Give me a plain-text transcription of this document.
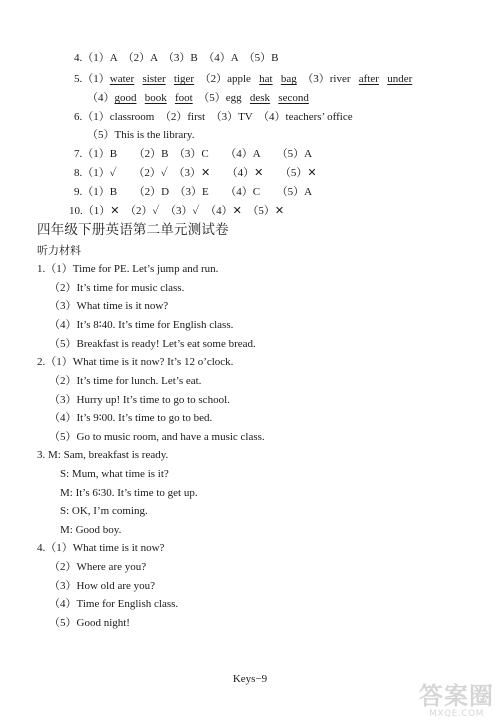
4.（1）A　（2）A　（3）B　（4）A　（5）B
5.（1）water sister tiger （2）apple hat bag （3）river after under
（4）good book foot （5）egg desk second
6.（1）classroom　（2）first　（3）TV　（4）teachers’ office
（5）This is the library.
7.（1）B　　（2）B　（3）C　　（4）A　　（5）A
8.（1）✓　　（2）✓　（3）✕　　（4）✕　　（5）✕
9.（1）B　　（2）D　（3）E　　（4）C　　（5）A
10.（1）✕　（2）✓　（3）✓　（4）✕　（5）✕
四年级下册英语第二单元测试卷
听力材料
1.（1）Time for PE. Let’s jump and run.
（2）It’s time for music class.
（3）What time is it now?
（4）It’s 8∶40. It’s time for English class.
（5）Breakfast is ready! Let’s eat some bread.
2.（1）What time is it now? It’s 12 o’clock.
（2）It’s time for lunch. Let’s eat.
（3）Hurry up! It’s time to go to school.
（4）It’s 9∶00. It’s time to go to bed.
（5）Go to music room, and have a music class.
3. M: Sam, breakfast is ready.
S: Mum, what time is it?
M: It’s 6∶30. It’s time to get up.
S: OK, I’m coming.
M: Good boy.
4.（1）What time is it now?
（2）Where are you?
（3）How old are you?
（4）Time for English class.
（5）Good night!
Keys−9
答案圈
MXQE.COM
